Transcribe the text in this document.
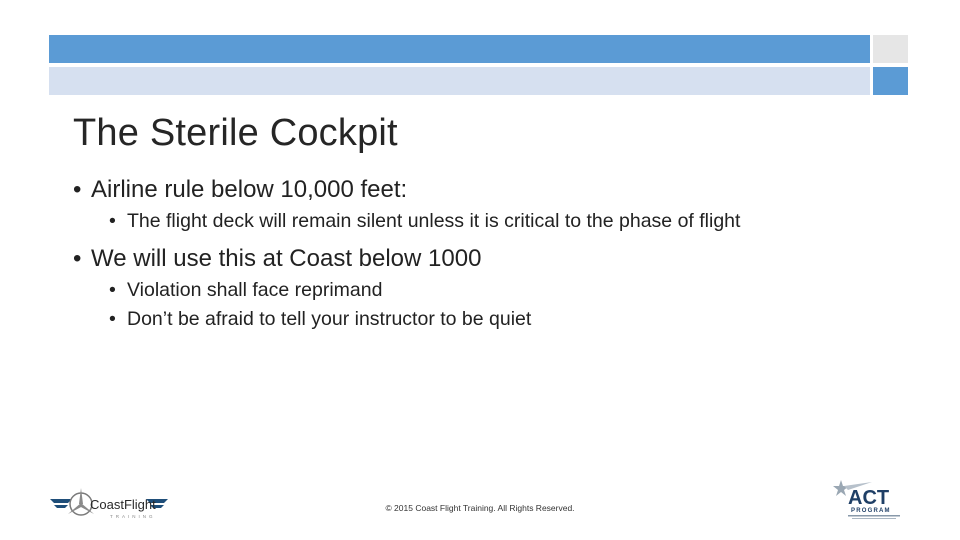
The Sterile Cockpit
• Airline rule below 10,000 feet:
• The flight deck will remain silent unless it is critical to the phase of flight
• We will use this at Coast below 1000
• Violation shall face reprimand
• Don’t be afraid to tell your instructor to be quiet
CoastFlight
TRAINING
© 2015 Coast Flight Training. All Rights Reserved.	ACT
PROGRAM
